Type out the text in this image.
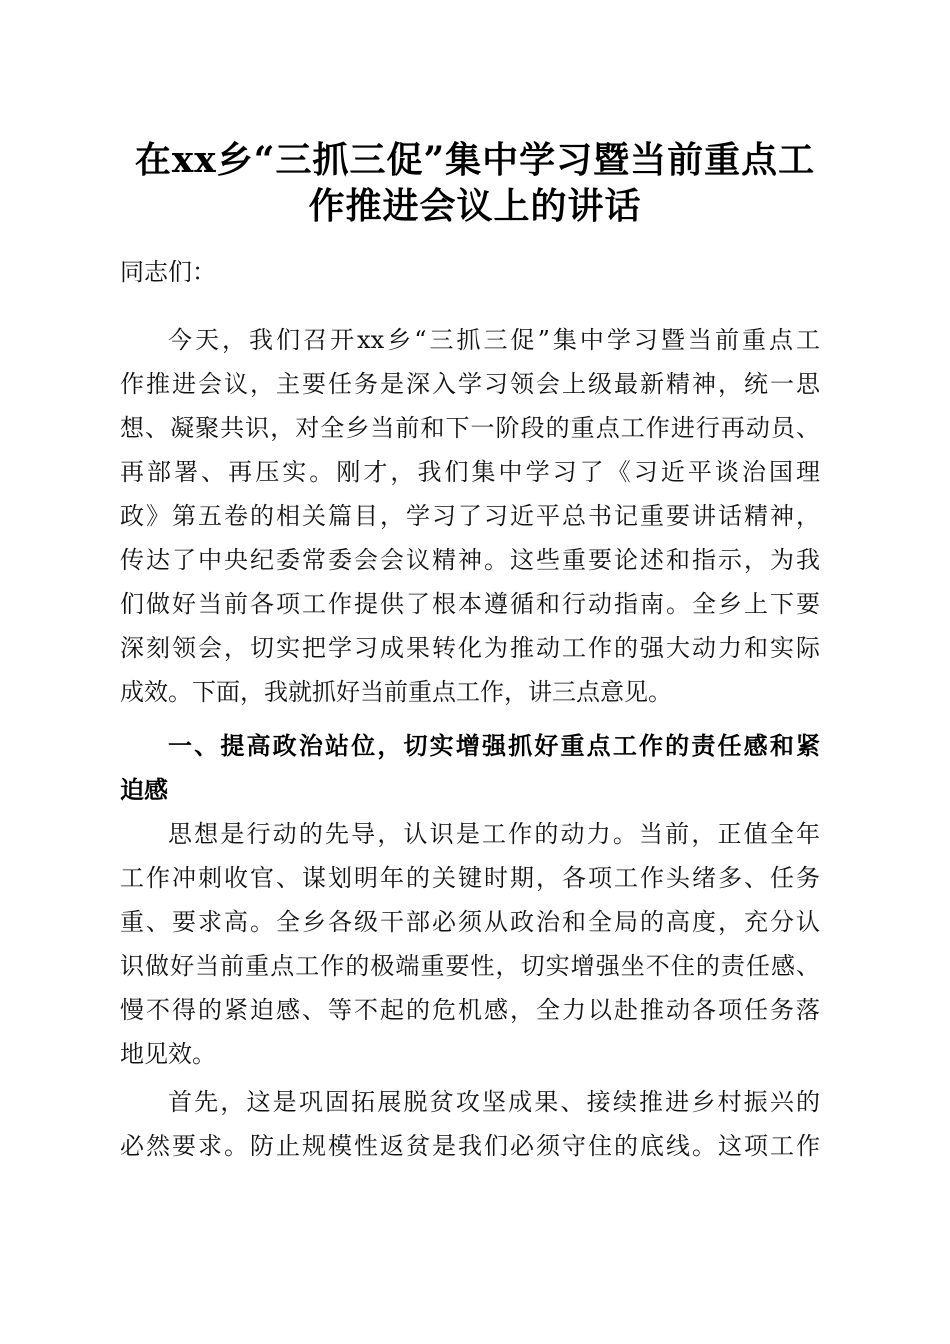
在xx乡“三抓三促”集中学习暨当前重点工
作推进会议上的讲话
同志们：
今天，我们召开xx乡“三抓三促”集中学习暨当前重点工
作推进会议，主要任务是深入学习领会上级最新精神，统一思
想、凝聚共识，对全乡当前和下一阶段的重点工作进行再动员、
再部署、再压实。刚才，我们集中学习了《习近平谈治国理
政》第五卷的相关篇目，学习了习近平总书记重要讲话精神，
传达了中央纪委常委会会议精神。这些重要论述和指示，为我
们做好当前各项工作提供了根本遵循和行动指南。全乡上下要
深刻领会，切实把学习成果转化为推动工作的强大动力和实际
成效。下面，我就抓好当前重点工作，讲三点意见。
一、提高政治站位，切实增强抓好重点工作的责任感和紧
迫感
思想是行动的先导，认识是工作的动力。当前，正值全年
工作冲刺收官、谋划明年的关键时期，各项工作头绪多、任务
重、要求高。全乡各级干部必须从政治和全局的高度，充分认
识做好当前重点工作的极端重要性，切实增强坐不住的责任感、
慢不得的紧迫感、等不起的危机感，全力以赴推动各项任务落
地见效。
首先，这是巩固拓展脱贫攻坚成果、接续推进乡村振兴的
必然要求。防止规模性返贫是我们必须守住的底线。这项工作
